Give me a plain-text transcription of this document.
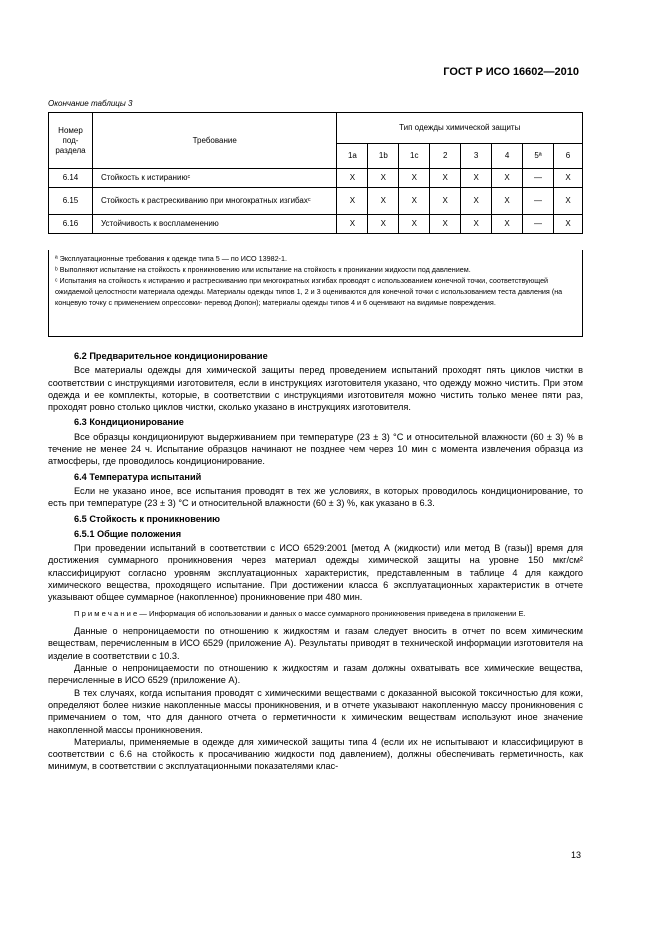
ГОСТ Р ИСО 16602—2010
Окончание таблицы 3
Номер под-раздела	Требование	Тип одежды химической защиты							
		1a	1b	1c	2	3	4	5ª	6
6.14	Стойкость к истираниюᶜ	X	X	X	X	X	X	—	X
6.15	Стойкость к растрескиванию при многократных изгибахᶜ	X	X	X	X	X	X	—	X
6.16	Устойчивость к воспламенению	X	X	X	X	X	X	—	X

ª Эксплуатационные требования к одежде типа 5 — по ИСО 13982-1.

ᵇ Выполняют испытание на стойкость к проникновению или испытание на стойкость к проникании жидкости под давлением.

ᶜ Испытания на стойкость к истиранию и растрескиванию при многократных изгибах проводят с использованием конечной точки, соответствующей ожидаемой целостности материала одежды. Материалы одежды типов 1, 2 и 3 оцениваются для конечной точки с использованием теста давления (на концевую точку с применением опрессовки- перевод Дюпон); материалы одежды типов 4 и 6 оценивают на видимые повреждения.

6.2 Предварительное кондиционирование

Все материалы одежды для химической защиты перед проведением испытаний проходят пять циклов чистки в соответствии с инструкциями изготовителя, если в инструкциях изготовителя указано, что одежду можно чистить. При этом одежда и ее комплекты, которые, в соответствии с инструкциями изготовителя можно чистить только менее пяти раз, проходят ровно столько циклов чистки, сколько указано в инструкциях изготовителя.

6.3 Кондиционирование

Все образцы кондиционируют выдерживанием при температуре (23 ± 3) °С и относительной влажности (60 ± 3) % в течение не менее 24 ч. Испытание образцов начинают не позднее чем через 10 мин с момента извлечения образца из атмосферы, где проводилось кондиционирование.

6.4 Температура испытаний

Если не указано иное, все испытания проводят в тех же условиях, в которых проводилось кондиционирование, то есть при температуре (23 ± 3) °С и относительной влажности (60 ± 3) %, как указано в 6.3.

6.5 Стойкость к проникновению
6.5.1 Общие положения

При проведении испытаний в соответствии с ИСО 6529:2001 [метод А (жидкости) или метод В (газы)] время для достижения суммарного проникновения через материал одежды химической защиты на уровне 150 мкг/см² классифицируют согласно уровням эксплуатационных характеристик, представленным в таблице 4 для каждого химического вещества, проходящего испытание. При достижении класса 6 эксплуатационных характеристик в отчете указывают общее суммарное (накопленное) проникновение при 480 мин.

П р и м е ч а н и е — Информация об использовании и данных о массе суммарного проникновения приведена в приложении Е.

Данные о непроницаемости по отношению к жидкостям и газам следует вносить в отчет по всем химическим веществам, перечисленным в ИСО 6529 (приложение А). Результаты приводят в технической информации изготовителя на изделие в соответствии с 10.3.

Данные о непроницаемости по отношению к жидкостям и газам должны охватывать все химические вещества, перечисленные в ИСО 6529 (приложение А).

В тех случаях, когда испытания проводят с химическими веществами с доказанной высокой токсичностью для кожи, определяют более низкие накопленные массы проникновения, и в отчете указывают накопленную массу проникновения с примечанием о том, что для данного отчета о герметичности к химическим веществам используют иное значение накопленной массы проникновения.

Материалы, применяемые в одежде для химической защиты типа 4 (если их не испытывают и классифицируют в соответствии с 6.6 на стойкость к просачиванию жидкости под давлением), должны обеспечивать герметичность, как минимум, в соответствии с эксплуатационными показателями клас-

13
